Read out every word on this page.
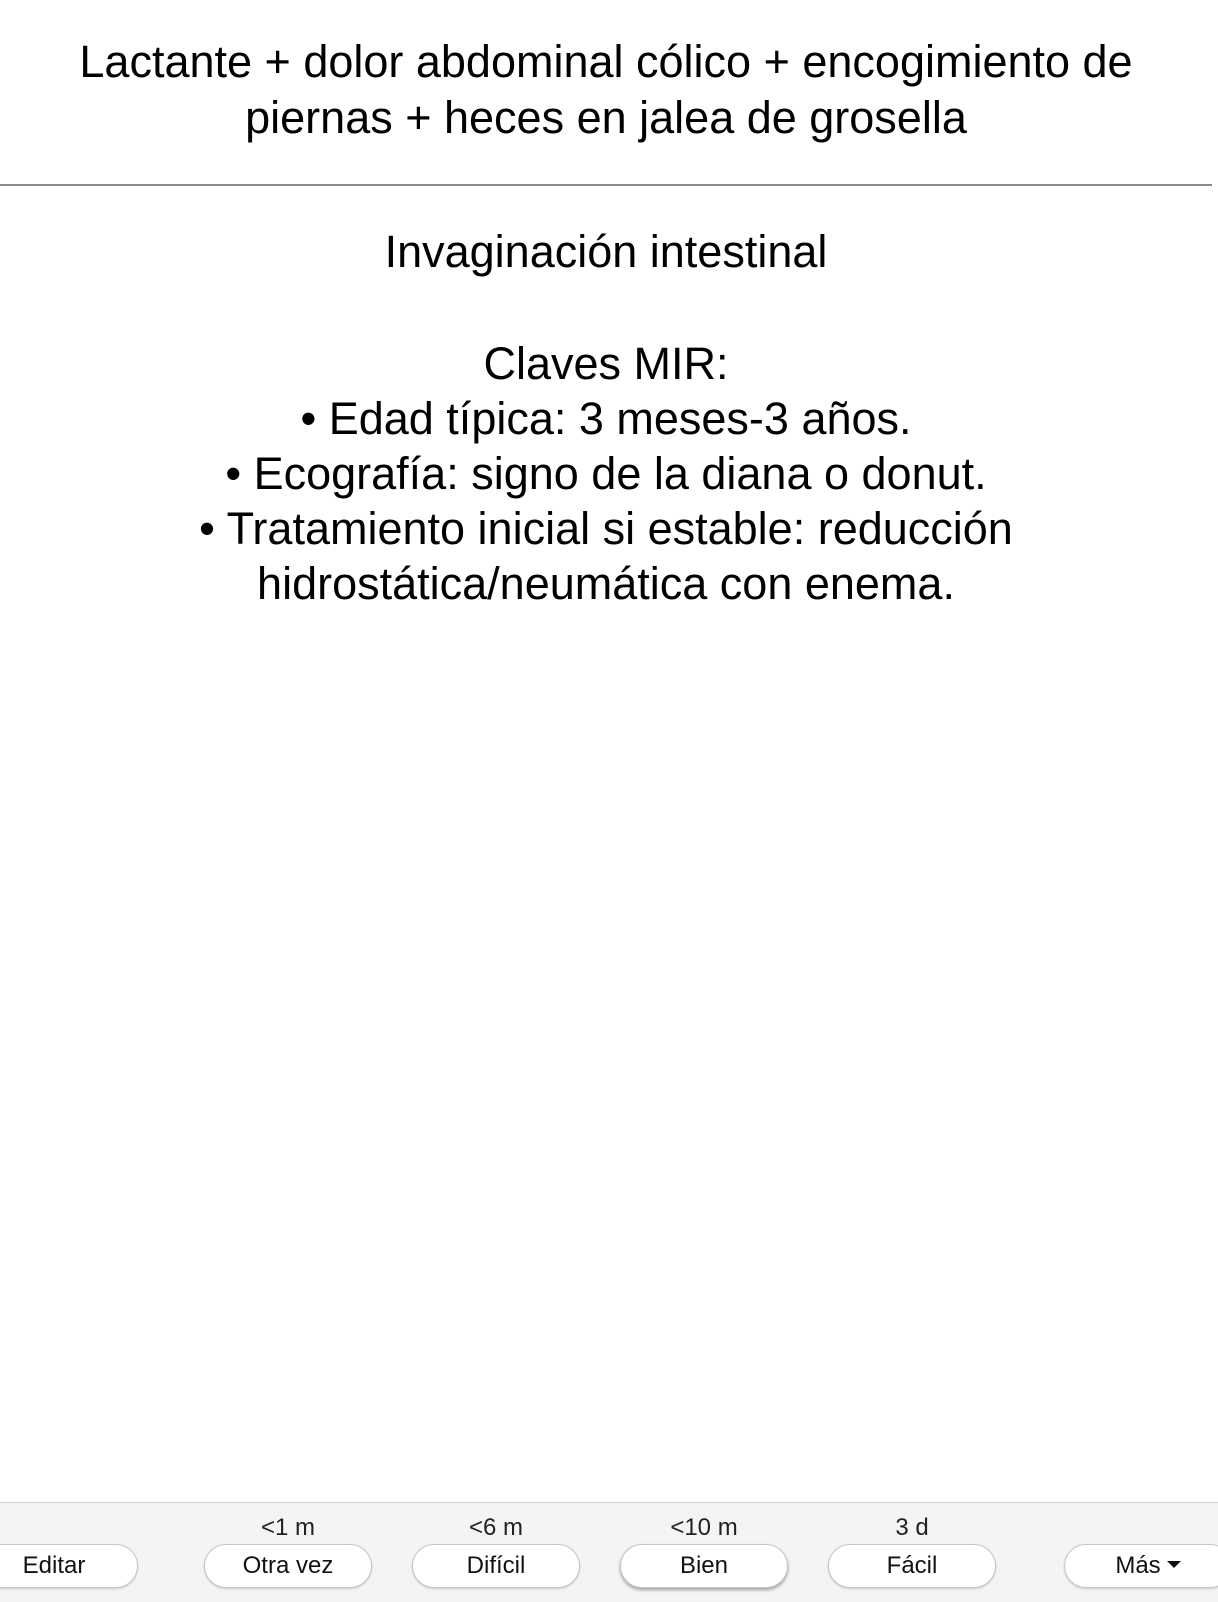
Lactante + dolor abdominal cólico + encogimiento de
piernas + heces en jalea de grosella
Invaginación intestinal
Claves MIR:
• Edad típica: 3 meses-3 años.
• Ecografía: signo de la diana o donut.
• Tratamiento inicial si estable: reducción
hidrostática/neumática con enema.
Editar
<1 m
Otra vez
<6 m
Difícil
<10 m
Bien
3 d
Fácil	Más
